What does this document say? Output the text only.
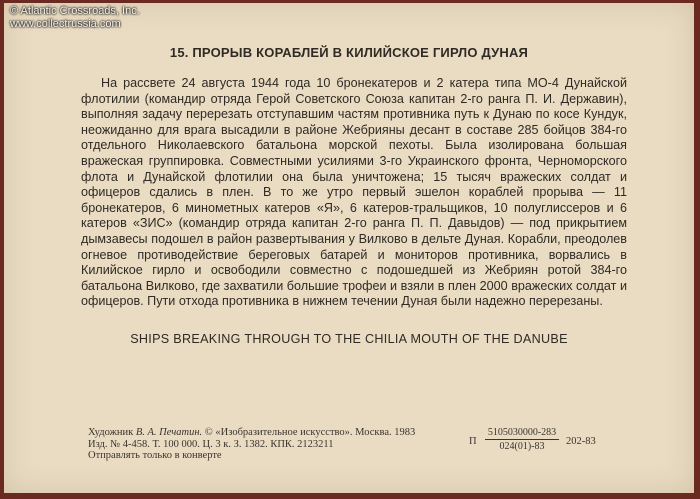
© Atlantic Crossroads, Inc.
www.collectrussia.com
15. ПРОРЫВ КОРАБЛЕЙ В КИЛИЙСКОЕ ГИРЛО ДУНАЯ

На рассвете 24 августа 1944 года 10 бронекатеров и 2 катера типа МО-4 Дунайской флотилии (командир отряда Герой Советского Союза капитан 2-го ранга П. И. Державин), выполняя задачу перерезать отступавшим частям противника путь к Дунаю по косе Кундук, неожиданно для врага высадили в районе Жебрияны десант в составе 285 бойцов 384-го отдельного Николаевского батальона морской пехоты. Была изолирована большая вражеская группировка. Совместными усилиями 3-го Украинского фронта, Черноморского флота и Дунайской флотилии она была уничтожена; 15 тысяч вражеских солдат и офицеров сдались в плен. В то же утро первый эшелон кораблей прорыва — 11 бронекатеров, 6 минометных катеров «Я», 6 катеров-тральщиков, 10 полуглиссеров и 6 катеров «ЗИС» (командир отряда капитан 2-го ранга П. П. Давыдов) — под прикрытием дымзавесы подошел в район развертывания у Вилково в дельте Дуная. Корабли, преодолев огневое противодействие береговых батарей и мониторов противника, ворвались в Килийское гирло и освободили совместно с подошедшей из Жебриян ротой 384-го батальона Вилково, где захватили большие трофеи и взяли в плен 2000 вражеских солдат и офицеров. Пути отхода противника в нижнем течении Дуная были надежно перерезаны.

SHIPS BREAKING THROUGH TO THE CHILIA MOUTH OF THE DANUBE
Художник В. А. Печатин. © «Изобразительное искусство». Москва. 1983
Изд. № 4-458. Т. 100 000. Ц. 3 к. З. 1382. КПК. 2123211
Отправлять только в конверте
П $\frac{5105030000-283}{024(01)-83} 202-83$
